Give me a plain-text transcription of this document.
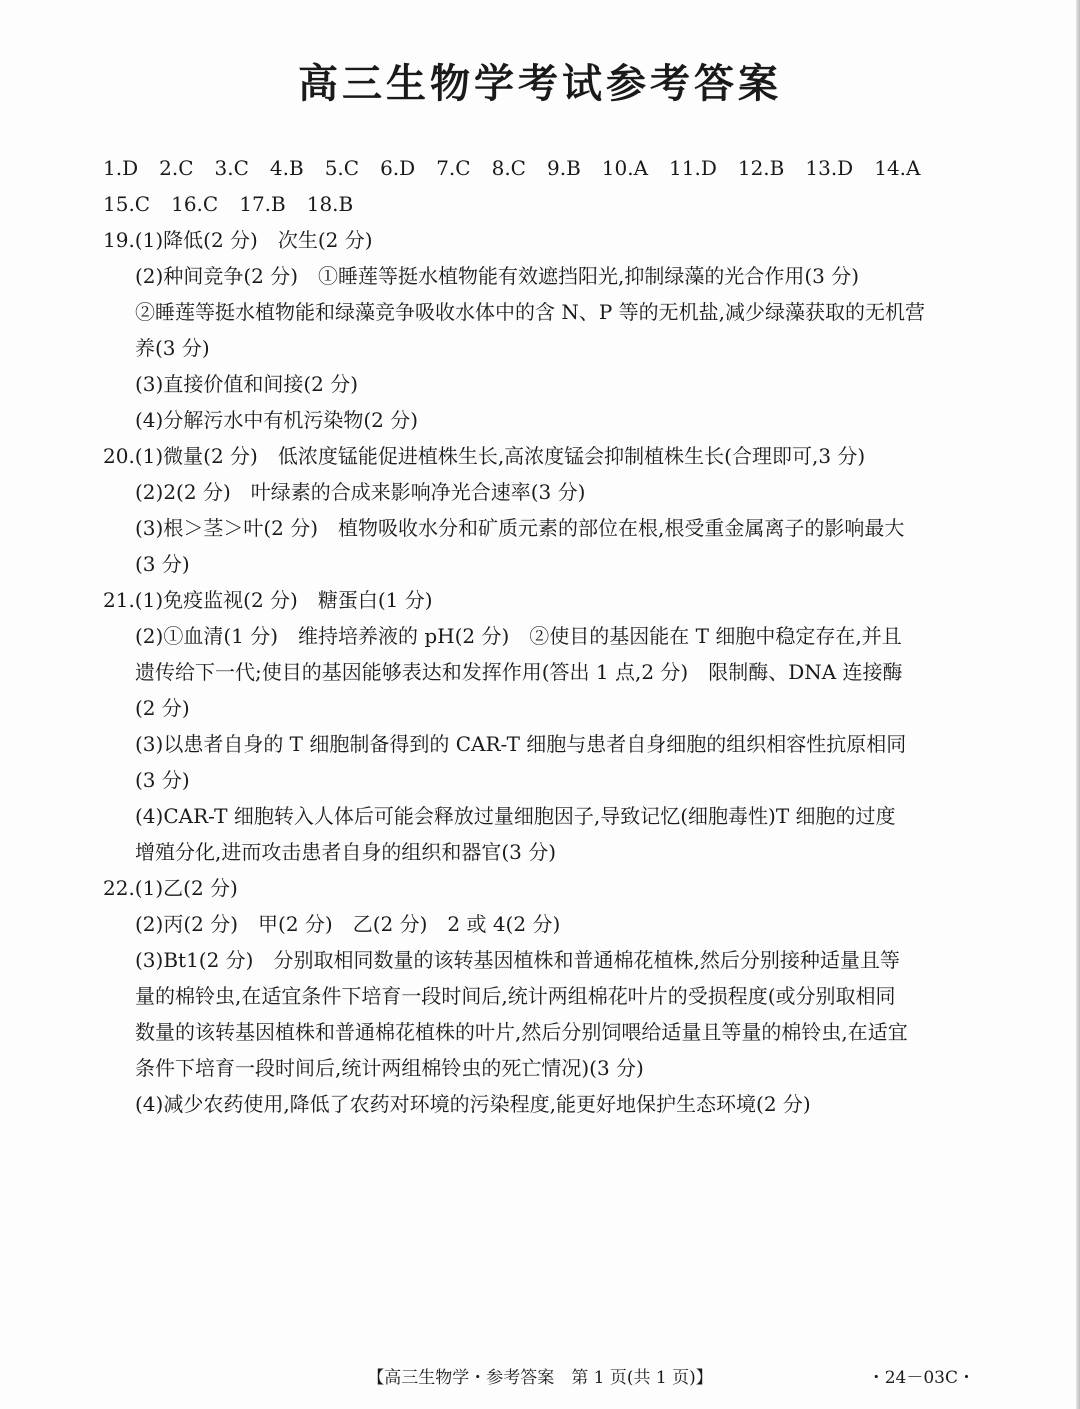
高三生物学考试参考答案
1.D 2.C 3.C 4.B 5.C 6.D 7.C 8.C 9.B 10.A 11.D 12.B 13.D 14.A
15.C 16.C 17.B 18.B
19.(1)降低(2 分)　次生(2 分)
(2)种间竞争(2 分)　①睡莲等挺水植物能有效遮挡阳光,抑制绿藻的光合作用(3 分)
②睡莲等挺水植物能和绿藻竞争吸收水体中的含 N、P 等的无机盐,减少绿藻获取的无机营
养(3 分)
(3)直接价值和间接(2 分)
(4)分解污水中有机污染物(2 分)
20.(1)微量(2 分)　低浓度锰能促进植株生长,高浓度锰会抑制植株生长(合理即可,3 分)
(2)2(2 分)　叶绿素的合成来影响净光合速率(3 分)
(3)根＞茎＞叶(2 分)　植物吸收水分和矿质元素的部位在根,根受重金属离子的影响最大
(3 分)
21.(1)免疫监视(2 分)　糖蛋白(1 分)
(2)①血清(1 分)　维持培养液的 pH(2 分)　②使目的基因能在 T 细胞中稳定存在,并且
遗传给下一代;使目的基因能够表达和发挥作用(答出 1 点,2 分)　限制酶、DNA 连接酶
(2 分)
(3)以患者自身的 T 细胞制备得到的 CAR-T 细胞与患者自身细胞的组织相容性抗原相同
(3 分)
(4)CAR-T 细胞转入人体后可能会释放过量细胞因子,导致记忆(细胞毒性)T 细胞的过度
增殖分化,进而攻击患者自身的组织和器官(3 分)
22.(1)乙(2 分)
(2)丙(2 分)　甲(2 分)　乙(2 分)　2 或 4(2 分)
(3)Bt1(2 分)　分别取相同数量的该转基因植株和普通棉花植株,然后分别接种适量且等
量的棉铃虫,在适宜条件下培育一段时间后,统计两组棉花叶片的受损程度(或分别取相同
数量的该转基因植株和普通棉花植株的叶片,然后分别饲喂给适量且等量的棉铃虫,在适宜
条件下培育一段时间后,统计两组棉铃虫的死亡情况)(3 分)
(4)减少农药使用,降低了农药对环境的污染程度,能更好地保护生态环境(2 分)
【高三生物学・参考答案　第 1 页(共 1 页)】	・24－03C・
